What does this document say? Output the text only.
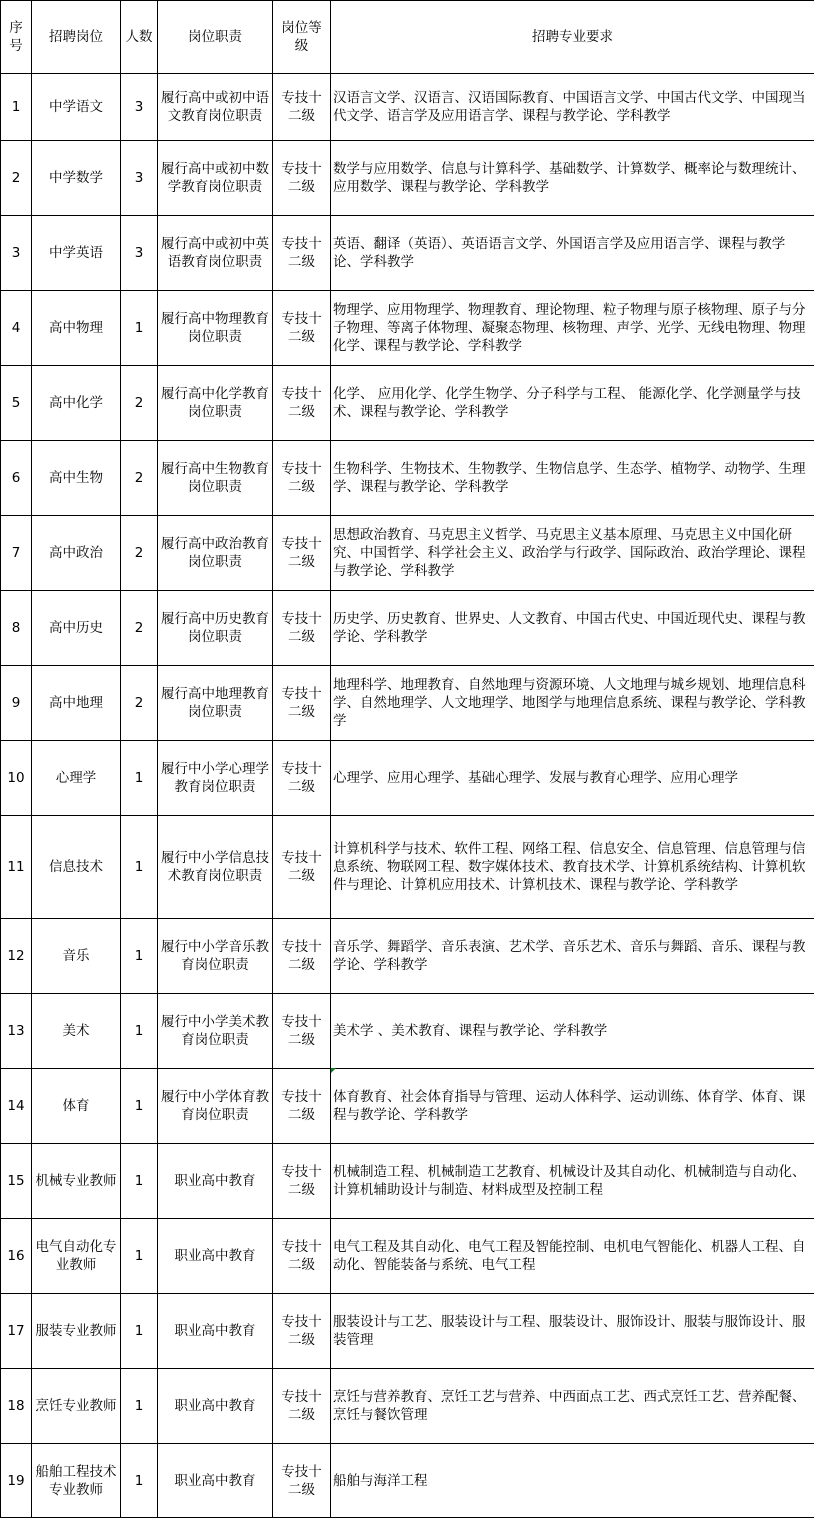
序号	招聘岗位	人数	岗位职责	岗位等级	招聘专业要求
1	中学语文	3	履行高中或初中语文教育岗位职责	专技十二级	汉语言文学、汉语言、汉语国际教育、中国语言文学、中国古代文学、中国现当代文学、语言学及应用语言学、课程与教学论、学科教学
2	中学数学	3	履行高中或初中数学教育岗位职责	专技十二级	数学与应用数学、信息与计算科学、基础数学、计算数学、概率论与数理统计、应用数学、课程与教学论、学科教学
3	中学英语	3	履行高中或初中英语教育岗位职责	专技十二级	英语、翻译（英语）、英语语言文学、外国语言学及应用语言学、课程与教学论、学科教学
4	高中物理	1	履行高中物理教育岗位职责	专技十二级	物理学、应用物理学、物理教育、理论物理、粒子物理与原子核物理、原子与分子物理、等离子体物理、凝聚态物理、核物理、声学、光学、无线电物理、物理化学、课程与教学论、学科教学
5	高中化学	2	履行高中化学教育岗位职责	专技十二级	化学、 应用化学、化学生物学、分子科学与工程、 能源化学、化学测量学与技术、课程与教学论、学科教学
6	高中生物	2	履行高中生物教育岗位职责	专技十二级	生物科学、生物技术、生物教学、生物信息学、生态学、植物学、动物学、生理学、课程与教学论、学科教学
7	高中政治	2	履行高中政治教育岗位职责	专技十二级	思想政治教育、马克思主义哲学、马克思主义基本原理、马克思主义中国化研究、中国哲学、科学社会主义、政治学与行政学、国际政治、政治学理论、课程与教学论、学科教学
8	高中历史	2	履行高中历史教育岗位职责	专技十二级	历史学、历史教育、世界史、人文教育、中国古代史、中国近现代史、课程与教学论、学科教学
9	高中地理	2	履行高中地理教育岗位职责	专技十二级	地理科学、地理教育、自然地理与资源环境、人文地理与城乡规划、地理信息科学、自然地理学、人文地理学、地图学与地理信息系统、课程与教学论、学科教学
10	心理学	1	履行中小学心理学教育岗位职责	专技十二级	心理学、应用心理学、基础心理学、发展与教育心理学、应用心理学
11	信息技术	1	履行中小学信息技术教育岗位职责	专技十二级	计算机科学与技术、软件工程、网络工程、信息安全、信息管理、信息管理与信息系统、物联网工程、数字媒体技术、教育技术学、计算机系统结构、计算机软件与理论、计算机应用技术、计算机技术、课程与教学论、学科教学
12	音乐	1	履行中小学音乐教育岗位职责	专技十二级	音乐学、舞蹈学、音乐表演、艺术学、音乐艺术、音乐与舞蹈、音乐、课程与教学论、学科教学
13	美术	1	履行中小学美术教育岗位职责	专技十二级	美术学 、美术教育、课程与教学论、学科教学
14	体育	1	履行中小学体育教育岗位职责	专技十二级	体育教育、社会体育指导与管理、运动人体科学、运动训练、体育学、体育、课程与教学论、学科教学
15	机械专业教师	1	职业高中教育	专技十二级	机械制造工程、机械制造工艺教育、机械设计及其自动化、机械制造与自动化、计算机辅助设计与制造、材料成型及控制工程
16	电气自动化专业教师	1	职业高中教育	专技十二级	电气工程及其自动化、电气工程及智能控制、电机电气智能化、机器人工程、自动化、智能装备与系统、电气工程
17	服装专业教师	1	职业高中教育	专技十二级	服装设计与工艺、服装设计与工程、服装设计、服饰设计、服装与服饰设计、服装管理
18	烹饪专业教师	1	职业高中教育	专技十二级	烹饪与营养教育、烹饪工艺与营养、中西面点工艺、西式烹饪工艺、营养配餐、烹饪与餐饮管理
19	船舶工程技术专业教师	1	职业高中教育	专技十二级	船舶与海洋工程
